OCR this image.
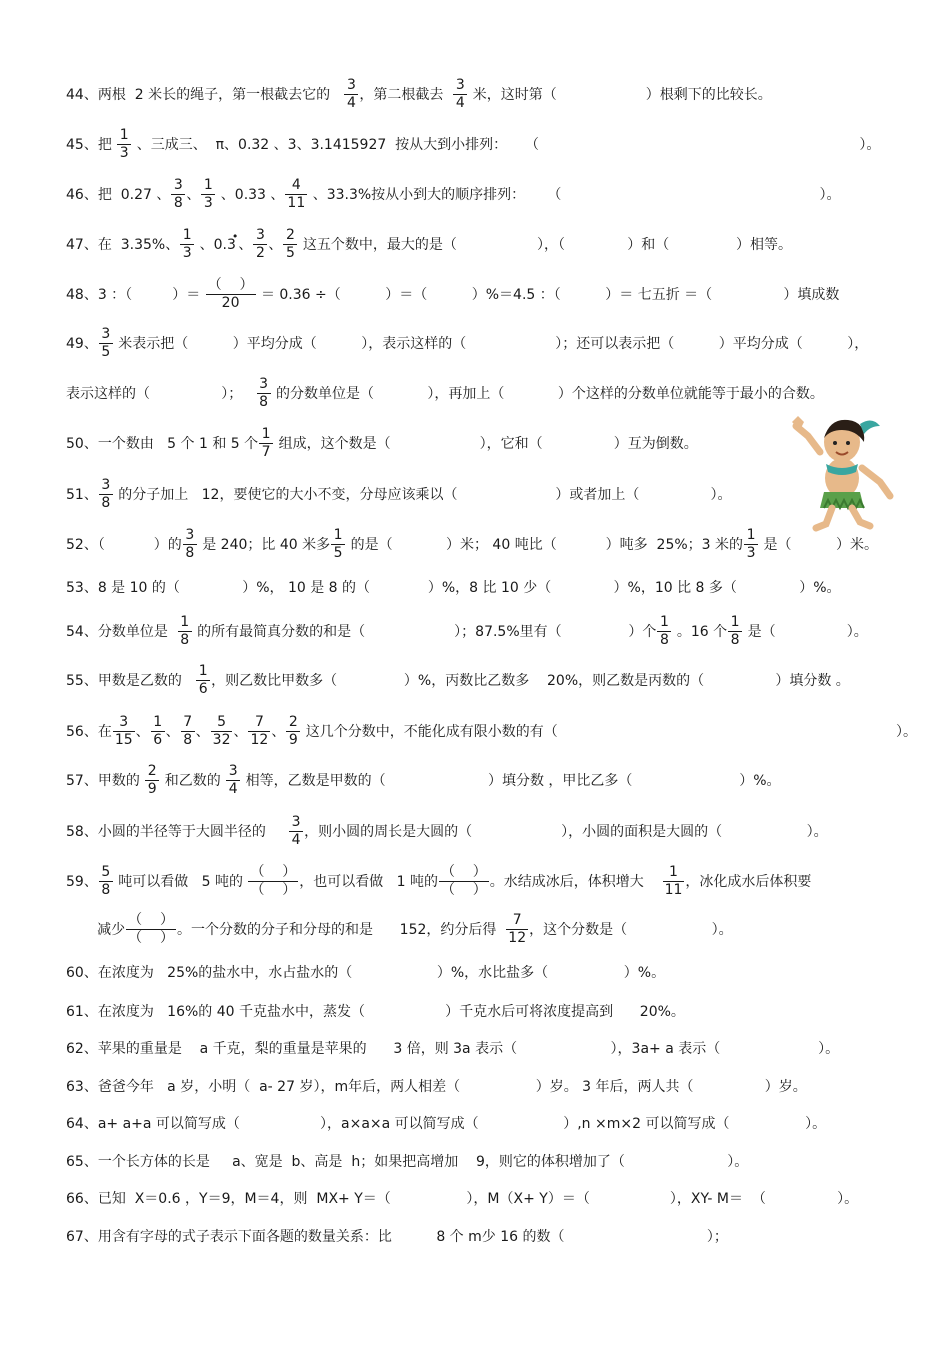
44、两根  2 米长的绳子，第一根截去它的 $\frac{3}{4}$ ，第二根截去 $\frac{3}{4}$ 米，这时第（                    ）根剩下的比较长。
45、把 $\frac{1}{3}$ 、三成三、  π、0.32 、3、3.1415927  按从大到小排列：    （                                                                        ）。
46、把  0.27 、 $\frac{3}{8}$ 、 $\frac{1}{3}$ 、0.33 、 $\frac{4}{11}$ 、33.3%按从小到大的顺序排列：     （                                                          ）。
47、在  3.35%、 $\frac{1}{3}$ 、0.3
•
、 $\frac{3}{2}$ 、 $\frac{2}{5}$ 这五个数中，最大的是（                  ），（              ）和（               ）相等。
48、3 ：（         ）＝ $\frac{( )}{20} = 0.36$ ÷（          ）＝（          ）%＝4.5 ：（          ）＝ 七五折 ＝（                ）填成数
49、 $\frac{3}{5}$ 米表示把（          ）平均分成（          ），表示这样的（                    ）；还可以表示把（          ）平均分成（          ），
表示这样的（                ）； $\frac{3}{8}$ 的分数单位是（            ），再加上（            ）个这样的分数单位就能等于最小的合数。
50、一个数由   5 个 1 和 5 个 $\frac{1}{7}$ 组成，这个数是（                    ），它和（                ）互为倒数。
51、 $\frac{3}{8}$ 的分子加上   12，要使它的大小不变，分母应该乘以（                      ）或者加上（                ）。
52、（           ）的 $\frac{3}{8}$ 是 240；比 40 米多 $\frac{1}{5}$ 的是（            ）米； 40 吨比（           ）吨多  25%；3 米的 $\frac{1}{3}$ 是（          ）米。
53、8 是 10 的（              ）%， 10 是 8 的（             ）%，8 比 10 少（              ）%，10 比 8 多（              ）%。
54、分数单位是 $\frac{1}{8}$ 的所有最简真分数的和是（                    ）；87.5%里有（               ）个 $\frac{1}{8}$ 。16 个 $\frac{1}{8}$ 是（                ）。
55、甲数是乙数的 $\frac{1}{6}$ ，则乙数比甲数多（               ）%，丙数比乙数多    20%，则乙数是丙数的（                ）填分数 。
56、在 $\frac{3}{15}$ 、 $\frac{1}{6}$ 、 $\frac{7}{8}$ 、 $\frac{5}{32}$ 、 $\frac{7}{12}$ 、 $\frac{2}{9}$ 这几个分数中，不能化成有限小数的有（                                                                            ）。
57、甲数的 $\frac{2}{9}$ 和乙数的 $\frac{3}{4}$ 相等，乙数是甲数的（                       ）填分数 ，甲比乙多（                        ）%。
58、小圆的半径等于大圆半径的 $\frac{3}{4}$ ，则小圆的周长是大圆的（                    ），小圆的面积是大圆的（                   ）。
59、 $\frac{5}{8}$ 吨可以看做   5 吨的 $\frac{( )}{( )}$ ，也可以看做   1 吨的 $\frac{( )}{( )}$ 。水结成冰后，体积增大 $\frac{1}{11}$ ，冰化成水后体积要
减少 $\frac{( )}{( )}$ 。一个分数的分子和分母的和是      152，约分后得 $\frac{7}{12}$ ，这个分数是（                   ）。
60、在浓度为   25%的盐水中，水占盐水的（                   ）%，水比盐多（                 ）%。
61、在浓度为   16%的 40 千克盐水中，蒸发（                  ）千克水后可将浓度提高到      20%。
62、苹果的重量是    a 千克，梨的重量是苹果的      3 倍，则 3a 表示（                     ），3a+ a 表示（                      ）。
63、爸爸今年   a 岁，小明（  a- 27 岁），m年后，两人相差（                 ）岁。 3 年后，两人共（                ）岁。
64、a+ a+a 可以简写成（                  ），a×a×a 可以简写成（                   ）,n ×m×2 可以简写成（                 ）。
65、一个长方体的长是     a、宽是  b、高是  h；如果把高增加    9，则它的体积增加了（                       ）。
66、已知  X＝0.6 ，Y＝9，M＝4，则  MX+ Y＝（                 ），M（X+ Y）＝（                  ），XY- M＝  （                ）。
67、用含有字母的式子表示下面各题的数量关系：比          8 个 m少 16 的数（                                ）；
